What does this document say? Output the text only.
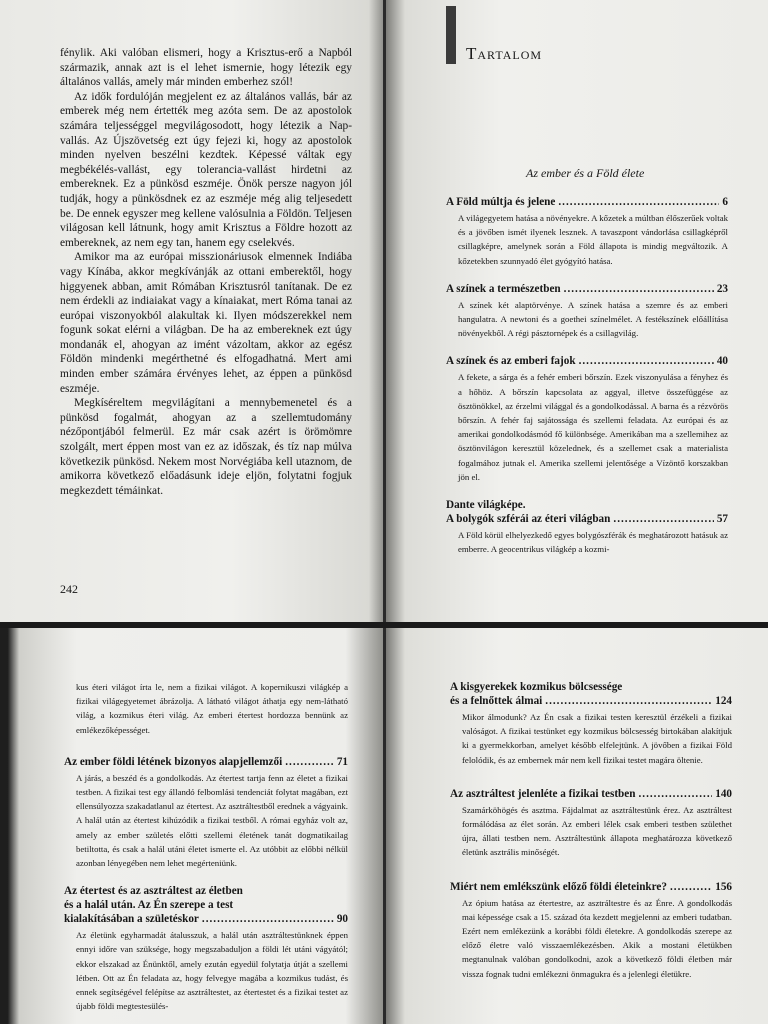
fénylik. Aki valóban elismeri, hogy a Krisztus-erő a Napból származik, annak azt is el lehet ismernie, hogy létezik egy általános vallás, amely már minden emberhez szól!

Az idők fordulóján megjelent ez az általános vallás, bár az emberek még nem értették meg azóta sem. De az apostolok számára teljességgel megvilágosodott, hogy létezik a Nap-vallás. Az Újszövetség ezt úgy fejezi ki, hogy az apostolok minden nyelven beszélni kezdtek. Képessé váltak egy megbékélés-vallást, egy tolerancia-vallást hirdetni az embereknek. Ez a pünkösd eszméje. Önök persze nagyon jól tudják, hogy a pünkösdnek ez az eszméje még alig teljesedett be. De ennek egyszer meg kellene valósulnia a Földön. Teljesen világosan kell látnunk, hogy amit Krisztus a Földre hozott az embereknek, az nem egy tan, hanem egy cselekvés.

Amikor ma az európai misszionáriusok elmennek Indiába vagy Kínába, akkor megkívánják az ottani emberektől, hogy higgyenek abban, amit Rómában Krisztusról tanítanak. De ez nem érdekli az indiaiakat vagy a kínaiakat, mert Róma tanai az európai viszonyokból alakultak ki. Ilyen módszerekkel nem fogunk sokat elérni a világban. De ha az embereknek ezt úgy mondanák el, ahogyan az imént vázoltam, akkor az egész Földön mindenki megérthetné és elfogadhatná. Mert ami minden ember számára érvényes lehet, az éppen a pünkösd eszméje.

Megkíséreltem megvilágítani a mennybemenetel és a pünkösd fogalmát, ahogyan az a szellemtudomány nézőpontjából felmerül. Ez már csak azért is örömömre szolgált, mert éppen most van ez az időszak, és tíz nap múlva következik pünkösd. Nekem most Norvégiába kell utaznom, de amikorra következő előadásunk ideje eljön, folytatni fogjuk megkezdett témáinkat.

242
Tartalom
Az ember és a Föld élete
A Föld múltja és jelene .....	6
A világegyetem hatása a növényekre. A kőzetek a múltban élőszerűek voltak és a jövőben ismét ilyenek lesznek. A tavaszpont vándorlása csillagképről csillagképre, amelynek során a Föld állapota is mindig megváltozik. A kőzetekben szunnyadó élet gyógyító hatása.
A színek a természetben .....	23
A színek két alaptörvénye. A színek hatása a szemre és az emberi hangulatra. A newtoni és a goethei színelmélet. A festékszínek előállítása növényekből. A régi pásztornépek és a csillagvilág.
A színek és az emberi fajok .....	40
A fekete, a sárga és a fehér emberi bőrszín. Ezek viszonyulása a fényhez és a hőhöz. A bőrszín kapcsolata az aggyal, illetve összefüggése az ösztönökkel, az érzelmi világgal és a gondolkodással. A barna és a rézvörös bőrszín. A fehér faj sajátossága és szellemi feladata. Az európai és az amerikai gondolkodásmód fő különbsége. Amerikában ma a szellemihez az ösztönvilágon keresztül közelednek, és a szellemet csak a materialista fogalmához jutnak el. Amerika szellemi jelentősége a Vízöntő korszakban jön el.
Dante világképe.
A bolygók szférái az éteri világban .....	57
A Föld körül elhelyezkedő egyes bolygószférák és meghatározott hatásuk az emberre. A geocentrikus világkép a kozmi-
kus éteri világot írta le, nem a fizikai világot. A kopernikuszi világkép a fizikai világegyetemet ábrázolja. A látható világot áthatja egy nem-látható világ, a kozmikus éteri világ. Az emberi étertest hordozza bennünk az emlékezőképességet.
Az ember földi létének bizonyos alapjellemzői .....	71
A járás, a beszéd és a gondolkodás. Az étertest tartja fenn az életet a fizikai testben. A fizikai test egy állandó felbomlási tendenciát folytat magában, ezt ellensúlyozza szakadatlanul az étertest. Az asztráltestből erednek a vágyaink. A halál után az étertest kihúzódik a fizikai testből. A római egyház volt az, amely az ember születés előtti szellemi életének tanát dogmatikailag betiltotta, és csak a halál utáni életet ismerte el. Az utóbbit az előbbi nélkül azonban lényegében nem lehet megérteniünk.
Az étertest és az asztráltest az életben
és a halál után. Az Én szerepe a test
kialakításában a születéskor .....	90
Az életünk egyharmadát átalusszuk, a halál után asztráltestünknek éppen ennyi időre van szüksége, hogy megszabaduljon a földi lét utáni vágyától; ekkor elszakad az Énünktől, amely ezután egyedül folytatja útját a szellemi létben. Ott az Én feladata az, hogy felvegye magába a kozmikus tudást, és ennek segítségével felépítse az asztráltestet, az étertestet és a fizikai testet az újabb földi megtestesülés-
A kisgyerekek kozmikus bölcsessége
és a felnőttek álmai .....	124
Mikor álmodunk? Az Én csak a fizikai testen keresztül érzékeli a fizikai valóságot. A fizikai testünket egy kozmikus bölcsesség birtokában alakítjuk ki a gyermekkorban, amelyet később elfelejtünk. A jövőben a fizikai Föld felolódik, és az embernek már nem kell fizikai testet magára öltenie.
Az asztráltest jelenléte a fizikai testben .....	140
Szamárköhögés és asztma. Fájdalmat az asztráltestünk érez. Az asztráltest formálódása az élet során. Az emberi lélek csak emberi testben születhet újra, állati testben nem. Asztráltestünk állapota meghatározza következő életünk asztrális minőségét.
Miért nem emlékszünk előző földi életeinkre? .....	156
Az ópium hatása az étertestre, az asztráltestre és az Énre. A gondolkodás mai képessége csak a 15. század óta kezdett megjelenni az emberi tudatban. Ezért nem emlékezünk a korábbi földi életekre. A gondolkodás szerepe az előző életre való visszaemlékezésben. Akik a mostani életükben megtanulnak valóban gondolkodni, azok a következő földi életben már vissza fognak tudni emlékezni önmagukra és a jelenlegi életükre.
